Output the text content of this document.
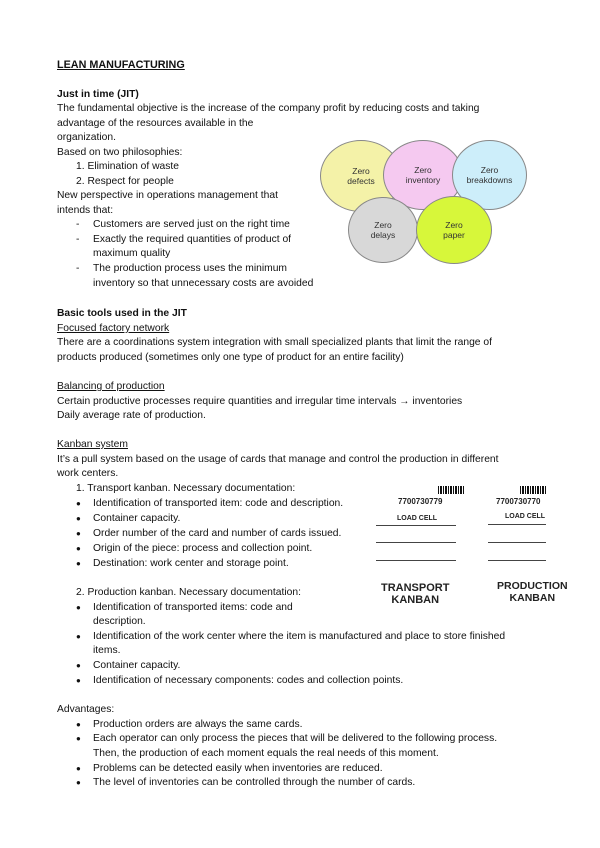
LEAN MANUFACTURING
Just in time (JIT)
The fundamental objective is the increase of the company profit by reducing costs and taking
advantage of the resources available in the
organization.
Based on two philosophies:
1. Elimination of waste
2. Respect for people
New perspective in operations management that
intends that:
- Customers are served just on the right time
- Exactly the required quantities of product of
maximum quality
- The production process uses the minimum
inventory so that unnecessary costs are avoided
Zero
defects
Zero
inventory
Zero
breakdowns
Zero
delays
Zero
paper
Basic tools used in the JIT
Focused factory network
There are a coordinations system integration with small specialized plants that limit the range of
products produced (sometimes only one type of product for an entire facility)
Balancing of production
Certain productive processes require quantities and irregular time intervals → inventories
Daily average rate of production.
Kanban system
It’s a pull system based on the usage of cards that manage and control the production in different
work centers.
1. Transport kanban. Necessary documentation:
● Identification of transported item: code and description.
● Container capacity.
● Order number of the card and number of cards issued.
● Origin of the piece: process and collection point.
● Destination: work center and storage point.
2. Production kanban. Necessary documentation:
● Identification of transported items: code and
description.
● Identification of the work center where the item is manufactured and place to store finished
items.
● Container capacity.
● Identification of necessary components: codes and collection points.
7700730779	7700730770
LOAD CELL	LOAD CELL
TRANSPORT
KANBAN
PRODUCTION
KANBAN
Advantages:
● Production orders are always the same cards.
● Each operator can only process the pieces that will be delivered to the following process.
Then, the production of each moment equals the real needs of this moment.
● Problems can be detected easily when inventories are reduced.
● The level of inventories can be controlled through the number of cards.
